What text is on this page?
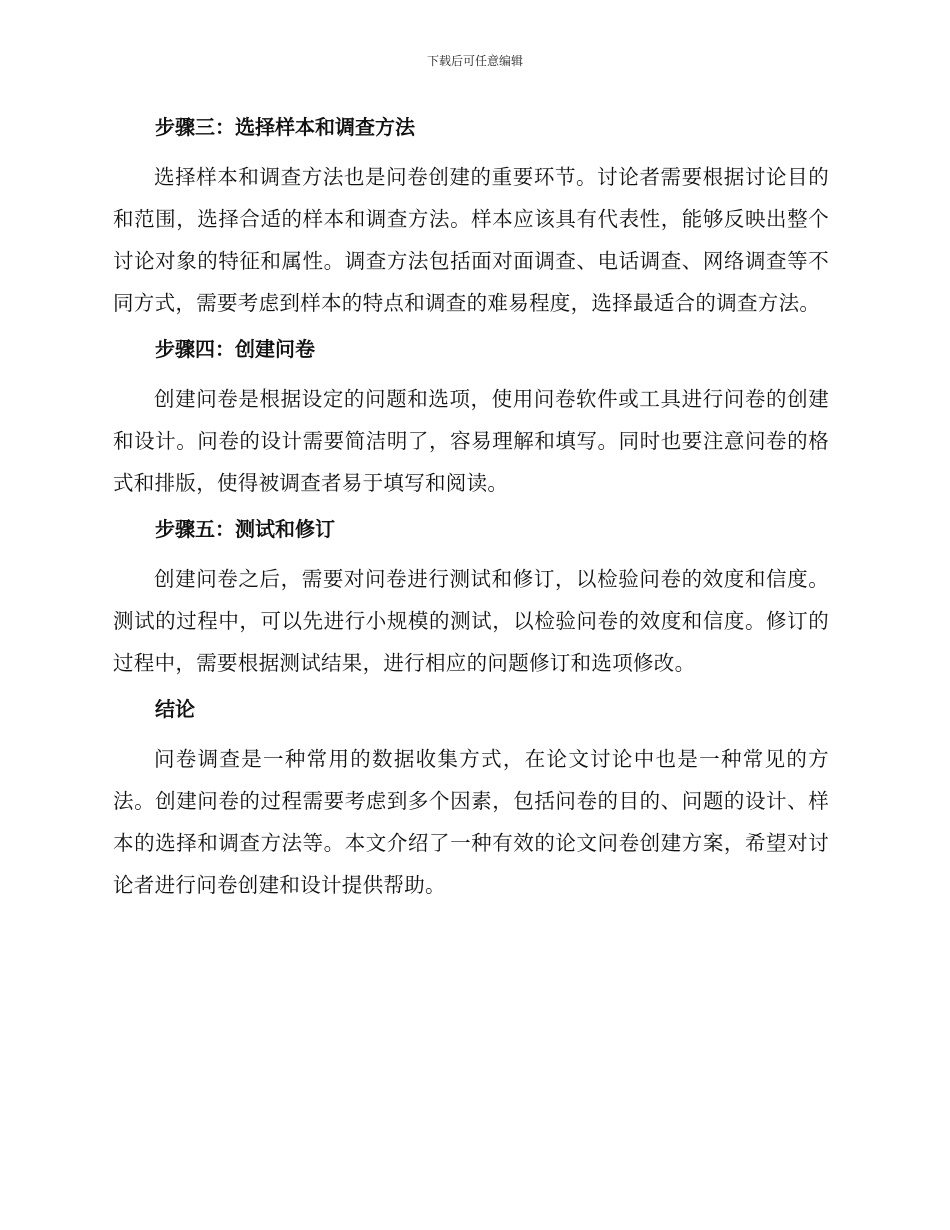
下载后可任意编辑
步骤三：选择样本和调查方法

选择样本和调查方法也是问卷创建的重要环节。讨论者需要根据讨论目的和范围，选择合适的样本和调查方法。样本应该具有代表性，能够反映出整个讨论对象的特征和属性。调查方法包括面对面调查、电话调查、网络调查等不同方式，需要考虑到样本的特点和调查的难易程度，选择最适合的调查方法。

步骤四：创建问卷

创建问卷是根据设定的问题和选项，使用问卷软件或工具进行问卷的创建和设计。问卷的设计需要简洁明了，容易理解和填写。同时也要注意问卷的格式和排版，使得被调查者易于填写和阅读。

步骤五：测试和修订

创建问卷之后，需要对问卷进行测试和修订，以检验问卷的效度和信度。测试的过程中，可以先进行小规模的测试，以检验问卷的效度和信度。修订的过程中，需要根据测试结果，进行相应的问题修订和选项修改。

结论

问卷调查是一种常用的数据收集方式，在论文讨论中也是一种常见的方法。创建问卷的过程需要考虑到多个因素，包括问卷的目的、问题的设计、样本的选择和调查方法等。本文介绍了一种有效的论文问卷创建方案，希望对讨论者进行问卷创建和设计提供帮助。
